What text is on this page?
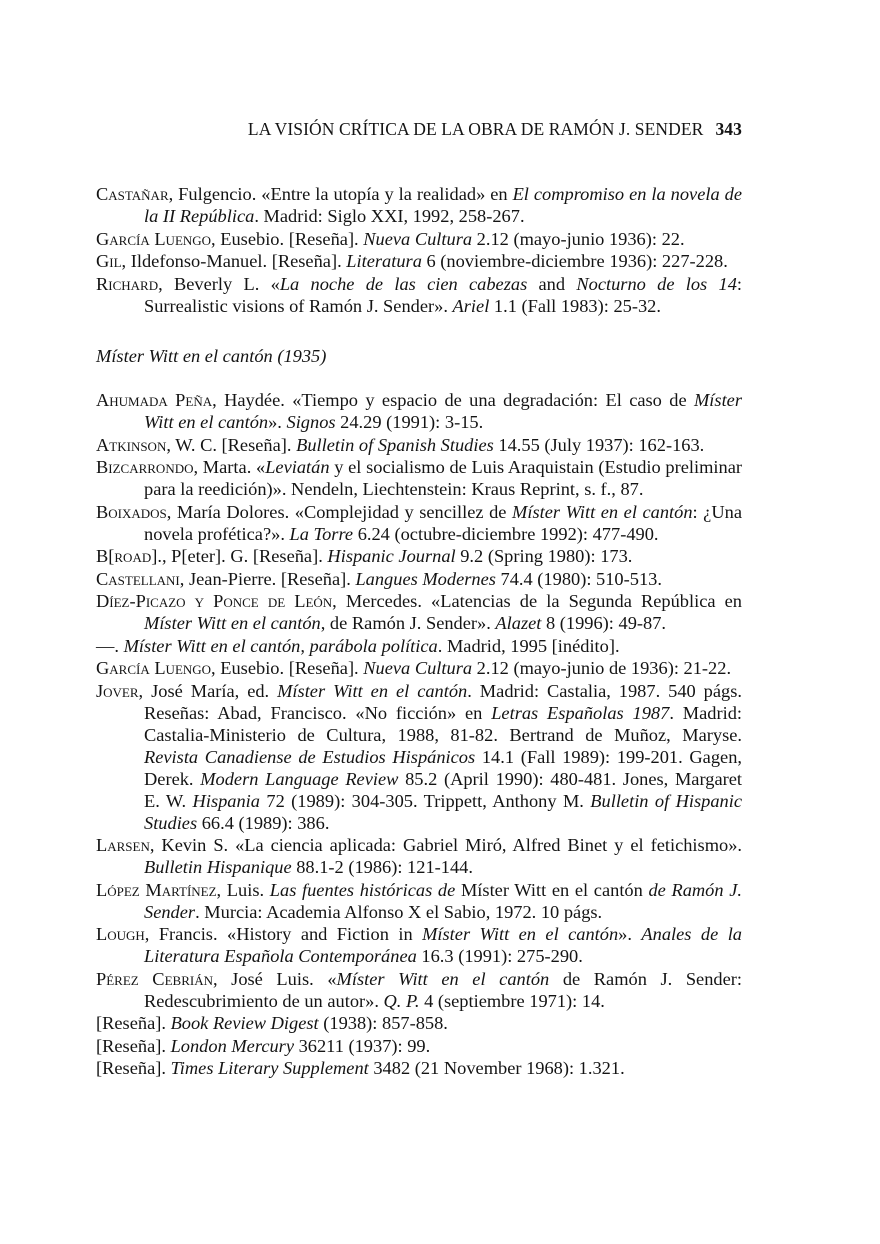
LA VISIÓN CRÍTICA DE LA OBRA DE RAMÓN J. SENDER 343

Castañar, Fulgencio. «Entre la utopía y la realidad» en El compromiso en la novela de la II República. Madrid: Siglo XXI, 1992, 258-267.

García Luengo, Eusebio. [Reseña]. Nueva Cultura 2.12 (mayo-junio 1936): 22.

Gil, Ildefonso-Manuel. [Reseña]. Literatura 6 (noviembre-diciembre 1936): 227-228.

Richard, Beverly L. «La noche de las cien cabezas and Nocturno de los 14: Surrealistic visions of Ramón J. Sender». Ariel 1.1 (Fall 1983): 25-32.

Míster Witt en el cantón (1935)

Ahumada Peña, Haydée. «Tiempo y espacio de una degradación: El caso de Míster Witt en el cantón». Signos 24.29 (1991): 3-15.

Atkinson, W. C. [Reseña]. Bulletin of Spanish Studies 14.55 (July 1937): 162-163.

Bizcarrondo, Marta. «Leviatán y el socialismo de Luis Araquistain (Estudio preliminar para la reedición)». Nendeln, Liechtenstein: Kraus Reprint, s. f., 87.

Boixados, María Dolores. «Complejidad y sencillez de Míster Witt en el cantón: ¿Una novela profética?». La Torre 6.24 (octubre-diciembre 1992): 477-490.

B[road]., P[eter]. G. [Reseña]. Hispanic Journal 9.2 (Spring 1980): 173.

Castellani, Jean-Pierre. [Reseña]. Langues Modernes 74.4 (1980): 510-513.

Díez-Picazo y Ponce de León, Mercedes. «Latencias de la Segunda República en Míster Witt en el cantón, de Ramón J. Sender». Alazet 8 (1996): 49-87.

—. Míster Witt en el cantón, parábola política. Madrid, 1995 [inédito].

García Luengo, Eusebio. [Reseña]. Nueva Cultura 2.12 (mayo-junio de 1936): 21-22.

Jover, José María, ed. Míster Witt en el cantón. Madrid: Castalia, 1987. 540 págs. Reseñas: Abad, Francisco. «No ficción» en Letras Españolas 1987. Madrid: Castalia-Ministerio de Cultura, 1988, 81-82. Bertrand de Muñoz, Maryse. Revista Canadiense de Estudios Hispánicos 14.1 (Fall 1989): 199-201. Gagen, Derek. Modern Language Review 85.2 (April 1990): 480-481. Jones, Margaret E. W. Hispania 72 (1989): 304-305. Trippett, Anthony M. Bulletin of Hispanic Studies 66.4 (1989): 386.

Larsen, Kevin S. «La ciencia aplicada: Gabriel Miró, Alfred Binet y el fetichismo». Bulletin Hispanique 88.1-2 (1986): 121-144.

López Martínez, Luis. Las fuentes históricas de Míster Witt en el cantón de Ramón J. Sender. Murcia: Academia Alfonso X el Sabio, 1972. 10 págs.

Lough, Francis. «History and Fiction in Míster Witt en el cantón». Anales de la Literatura Española Contemporánea 16.3 (1991): 275-290.

Pérez Cebrián, José Luis. «Míster Witt en el cantón de Ramón J. Sender: Redescubrimiento de un autor». Q. P. 4 (septiembre 1971): 14.

[Reseña]. Book Review Digest (1938): 857-858.

[Reseña]. London Mercury 36211 (1937): 99.

[Reseña]. Times Literary Supplement 3482 (21 November 1968): 1.321.
